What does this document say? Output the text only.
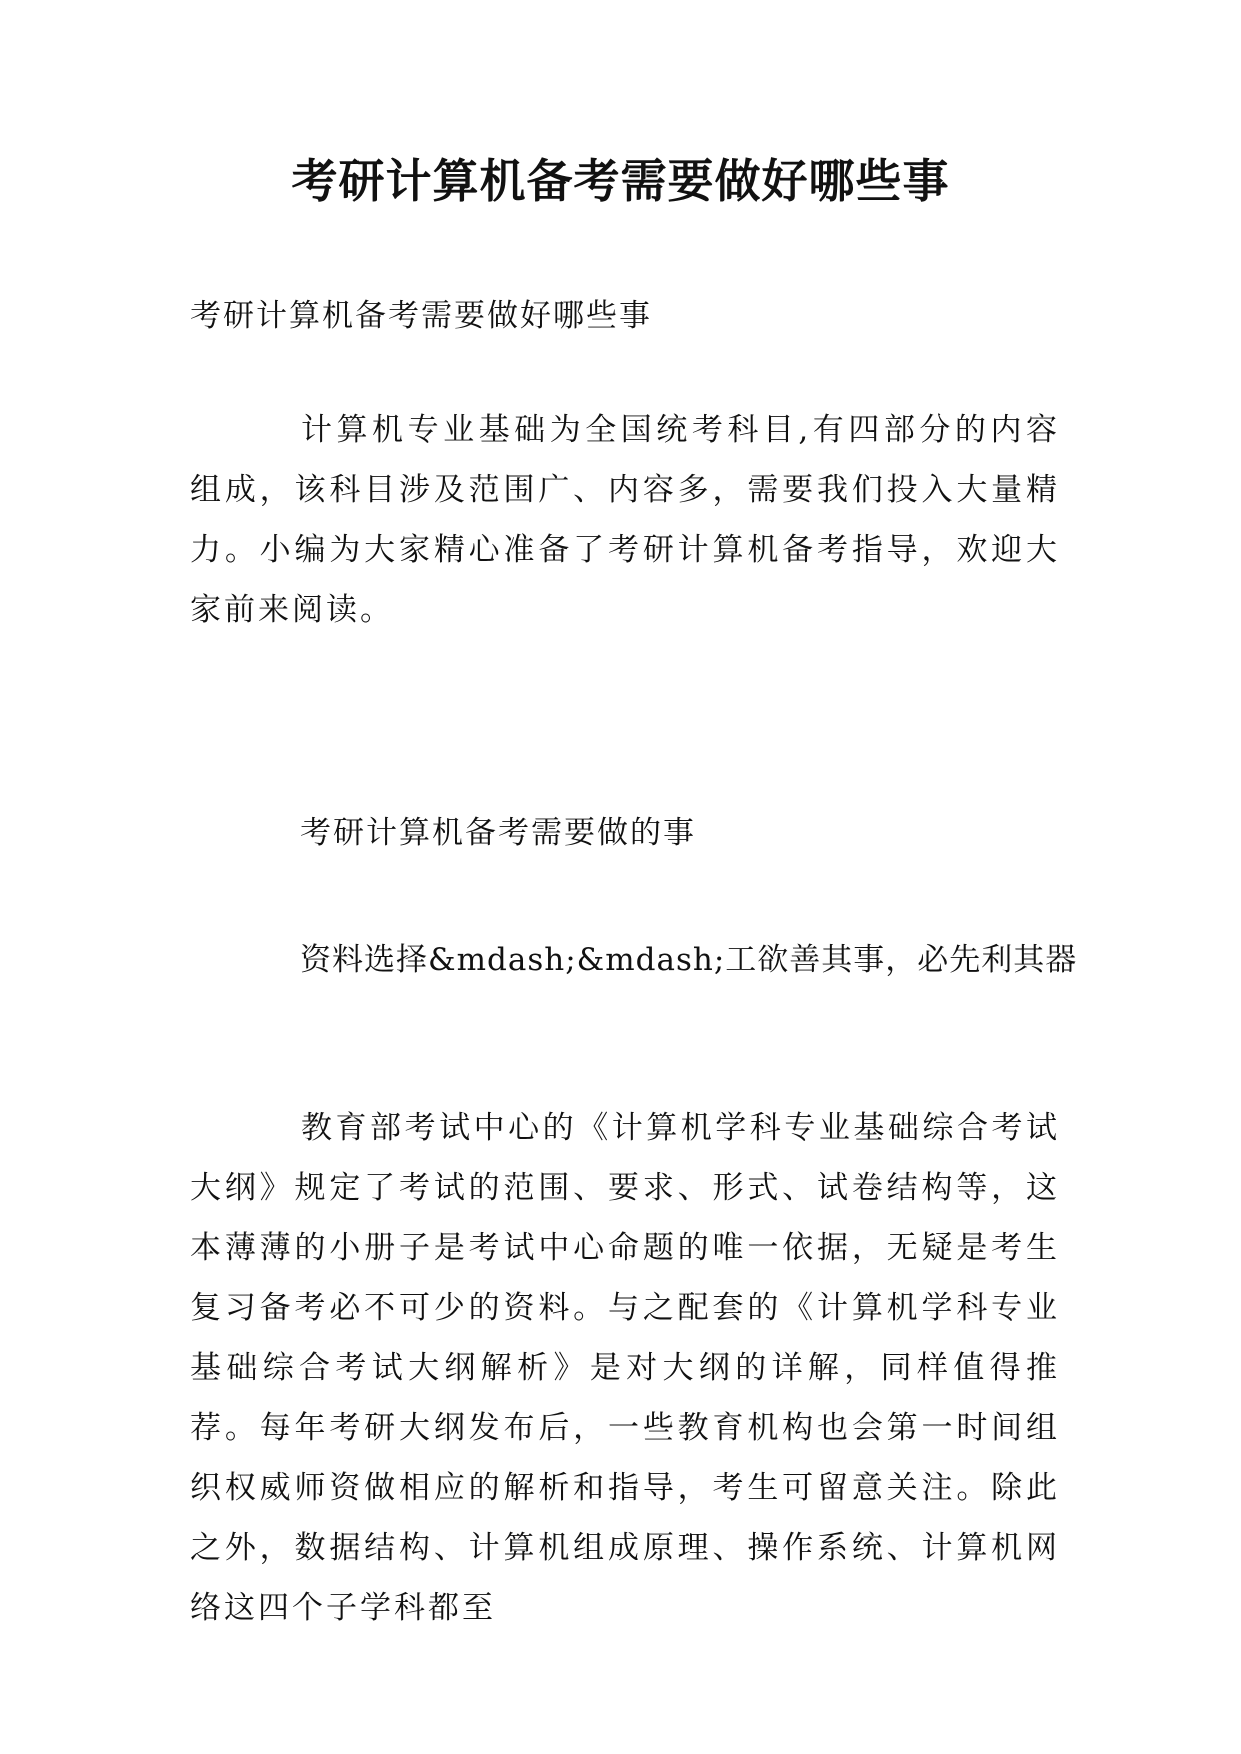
考研计算机备考需要做好哪些事

考研计算机备考需要做好哪些事

计算机专业基础为全国统考科目,有四部分的内容组成，该科目涉及范围广、内容多，需要我们投入大量精力。小编为大家精心准备了考研计算机备考指导，欢迎大家前来阅读。

考研计算机备考需要做的事

资料选择&mdash;&mdash;工欲善其事，必先利其器

教育部考试中心的《计算机学科专业基础综合考试大纲》规定了考试的范围、要求、形式、试卷结构等，这本薄薄的小册子是考试中心命题的唯一依据，无疑是考生复习备考必不可少的资料。与之配套的《计算机学科专业基础综合考试大纲解析》是对大纲的详解，同样值得推荐。每年考研大纲发布后，一些教育机构也会第一时间组织权威师资做相应的解析和指导，考生可留意关注。除此之外，数据结构、计算机组成原理、操作系统、计算机网络这四个子学科都至
